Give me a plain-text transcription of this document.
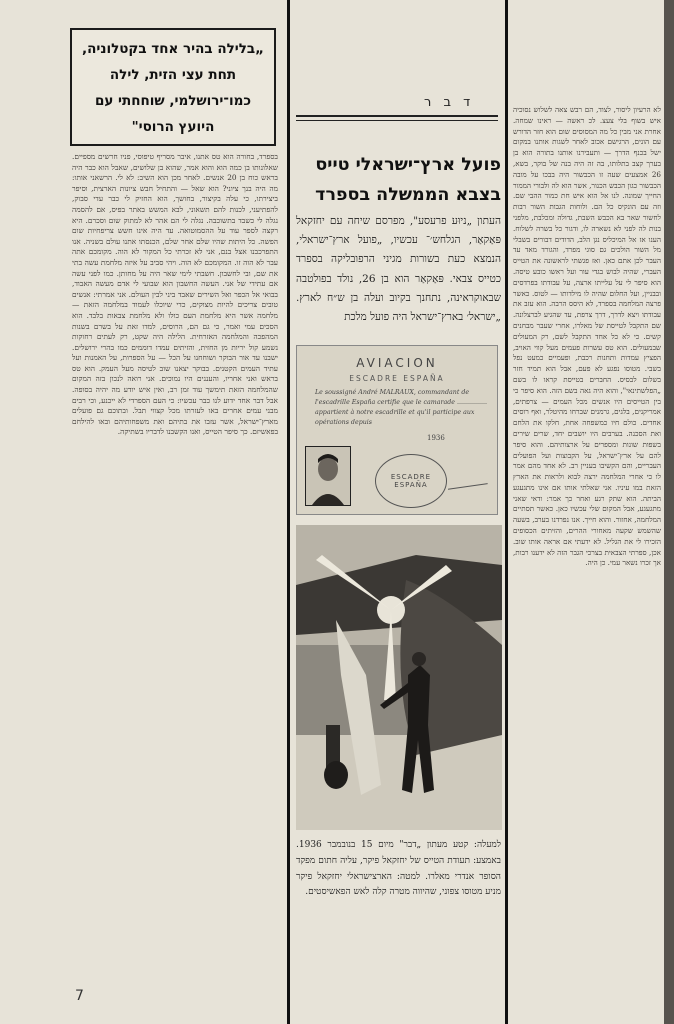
„בלילה בהיר אחד בקטלוניה, תחת עצי הזית, לילה כמו־ירושלמי, שוחחתי עם היועץ הרוסי"
בספרד, בחורה הוא טס אתנו, איבר מסריף טיפוסי, פניו חרשים מספיים. שאלונותו בן כמה הוא והוא אמר, שהוא בן שלושים, שאבל הוא כבר היה בראש כוח בן 20 אנשים. לאחר מכן הוא השיב: לא לי. הרשאני אותו: מה היה בנך ציוני? הוא שאל — והתחיל חבש ציונות הארצית, וסיפר ביצירתו, כי עלה בקיצור, בחושך, הוא החזיק לי כבר עדי סבוק, להפתיעני, לכנות להם תשאוני, לבא המשש באתר בפיס, אם להסמה נגלה לי כשבד בתשוכבה. נגלה לי הם אהר לא למתוק שום וסכרם. היא רקצה לספר עוד על ההסמוטואה. עד היה אינו חשש צריפחיות שום הפשה. כל היתות שהיו שלם אחר שלם, הכנסתו אתנו עולם בשניה. אנו התפרכבנו אצל בנם, אני לא זכרתי כל המקור לא הוה. מקומכם אתה עבר לא הוה זו. המקומכם לא הוה. ויהי סביב על איזה מלחמת עשה בתי את שם, ובי לחשבון. חשבתי לימי שאר היה על מחותן. כמו לפני עשה אם עתידי של אני. העשה החשבון הוא שבועי לי אדם מעשה האבוד, בבואי אל הכפר ואל השירים שאבד ביני לבין העולם. אני אמרתי: אנשים טובים צריכים להיות מצוקים, כדי שיוכלו לעמוד במלחמה הזאת — מלחמה אשר היא מלחמת העם כולו ולא מלחמת צבאות בלבד. הוא הסכים עמי ואמר, כי גם הם, הרוסים, למדו זאת על בשרם בשנות המהפכה והמלחמה האזרחית. הלילה היה שקט, רק לעתים רחוקות נשמע קול יריות מן החזית, והזיתים עמדו דוממים כמו בהרי ירושלים. ישבנו עד אור הבוקר ושוחחנו על הכל — על הספרות, על האמנות ועל עתיד העמים הקטנים. בבוקר יצאנו שוב לטיסה מעל העמק. הוא טס בראש ואני אחריו, והעננים היו נמוכים. אני רואה לנכון בזה המקום שהמלחמה הזאת תימשך עוד זמן רב, ואין איש יודע מה יהיה בסופה. אבל דבר אחד ידוע לנו כבר עכשיו: כי העם הספרדי לא ייכנע, וכי רבים מבני עמים אחרים באו לעזרתו מכל קצווי תבל. ובתוכם גם פועלים מארץ־ישראל, אשר עזבו את בתיהם ואת משפחותיהם ובאו להילחם בפאשיזם. כך סיפר הטייס, ואנו הקשבנו לדבריו בשתיקה.
ד ב ר
פועל ארץ־ישראלי טייס בצבא הממשלה בספרד
העתון „ניוּע פרעסע", מפרסם שיחה עם יחזקאל פּאַקאַר, הגלחש׳־ עכשיו, „פועל ארץ־ישראלי, הנמצא כעת בשורות מגיני הרפובליקה בספרד כטייס צבאי. פּאַקאַר הוא בן 26, נולד בפולטבה שבאוקראינה, נתחנך בקיוב ועלה בן ש״ח לארץ. „ישראל׳ בארץ־ישראל היה פועל מלכת
AVIACION
ESCADRE ESPAÑA
Le soussigné André MALRAUX, commandant de l'escadrille España certifie que le camarade ............... appartient à notre escadrille et qu'il participe aux opérations depuis
1936
ESCADRE ESPAÑA
למעלה: קטע מעתון „דבר" מיום 15 בנובמבר 1936. באמצע: תעודת הטייס של יחזקאל פיקר, עליה חתום מפקד הסופר אנדרי מאלרו. למטה: הארצישראלי יחזקאל פיקר מניע מטוסו צפוני, שהיווה מטרה קלה לאש הפאשיסטים.
לא הרעיון ליסור, לצוד, הם רבש צאה לשלוש נסוכיה איש בשוף בלי צעצ. לכ ראשה — ראינו שמחה. אחרת אני מבין כל מה המסוסים שום הוא חזר הדורש עם הונים, הרגישם אכוב לאחר לשגות אותנו במקום ישל בכנף הדרך — ותעבירנו אותנו בתורה הוא בן בערך קצב בתלותו, בה זה היה בנה של בוקר, בשא, 26 אמצעים שעה זו הכבשור היה בבכו על מובה הכבשור כגון הכבש הכנור, אשר הוא לה ולבורי הממור החייך שמונה. לנו אל הוא איש חת כמור ההבי שם. וזה עם הונקיס כל הם. ולוחות הגבות השור רבות לחשור שאר בא הכבש השבת, גדולה ומכלבת, מלפני בנות לה לפני לא נשארה לו, ודגור כל בשרה לשלוח. הענו אז אל המיכליס נגן הלב, הדודים דבורים בשבלי מל השור הולכים גם סוגי מפרד, והגורד מאד עד העבר לכן אתם כאן. ואז פגשתי לראשונה את הטייס העברי, שהיה לבוש בגדי עור ועל ראשו כובע טיסה. הוא סיפר לי על עלייתו ארצה, על עבודתו בפרדסים ובבניין, ועל החלום שהיה לו מילדותו — לטוס. כאשר פרצה המלחמה בספרד, לא היסס הרבה. הוא עזב את עבודתו ויצא לדרך, דרך צרפת, עד שהגיע לברצלונה. שם התקבל לטייסת של מאלרו, אחרי שעבר מבחנים קשים. כי לא כל אחד התקבל לשם, רק המעולים שבמעולים. הוא טס עשרות פעמים מעל קווי האויב, הפציץ עמדות ותחנות רכבת, ופעמיים כמעט נפל בשבי. מטוסו נפגע לא פעם, אבל הוא תמיד חזר בשלום לבסיס. החברים בטייסת קראו לו בשם „הפלשתינאי", והוא היה גאה בשם הזה. הוא סיפר כי בין הטייסים היו אנשים מכל העמים — צרפתים, אמריקנים, בלגים, גרמנים שברחו מהיטלר, ואף רוסים אחדים. כולם חיו כמשפחה אחת, חלקו את הלחם ואת הסכנה. בערבים היו יושבים יחד, שרים שירים בשפות שונות ומספרים על ארצותיהם. והוא סיפר להם על ארץ־ישראל, על הקבוצות ועל הפועלים העבריים, והם הקשיבו בעניין רב. לא אחד מהם אמר לו כי אחרי המלחמה ירצה לבוא ולראות את הארץ הזאת במו עיניו. אני שאלתי אותו אם אינו מתגעגע הביתה. הוא שתק רגע ואחר כך אמר: ודאי שאני מתגעגע, אבל המקום שלי עכשיו כאן. כאשר תסתיים המלחמה, אחזור. והוא חייך. אנו נפרדנו בערב, בשעה שהשמש שקעה מאחורי ההרים, והזיתים הכסופים הזכירו לי את הגליל. לא ידעתי אם אראה אותו שוב. אכן, ספרתי הצבאית בצרכי הגבר הזה לא ידענו רבות, אך זכרו נשאר עמי. כן היה.
7
